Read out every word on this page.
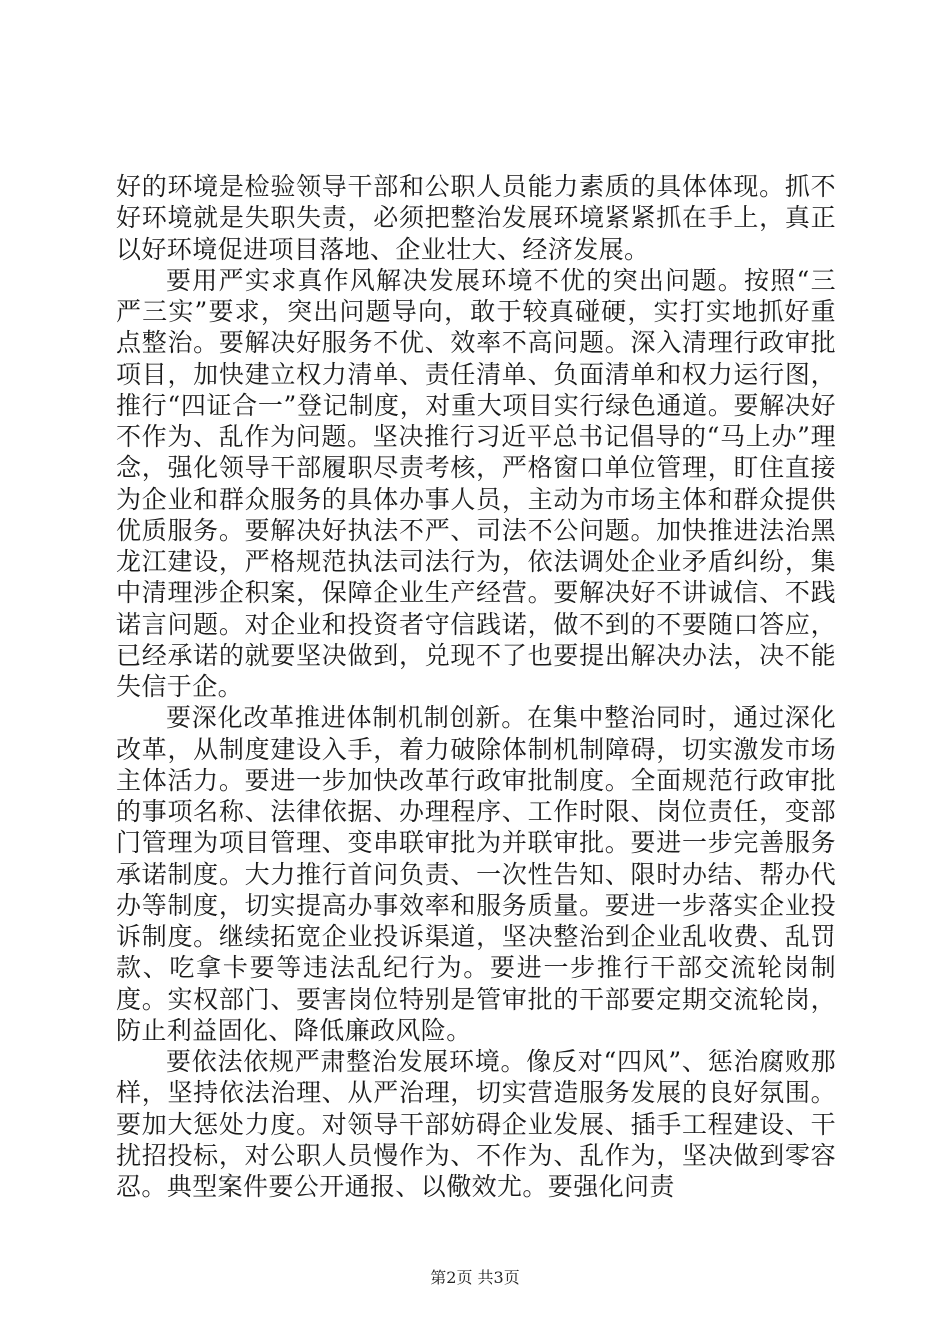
好的环境是检验领导干部和公职人员能力素质的具体体现。抓不好环境就是失职失责，必须把整治发展环境紧紧抓在手上，真正以好环境促进项目落地、企业壮大、经济发展。

要用严实求真作风解决发展环境不优的突出问题。按照“三严三实”要求，突出问题导向，敢于较真碰硬，实打实地抓好重点整治。要解决好服务不优、效率不高问题。深入清理行政审批项目，加快建立权力清单、责任清单、负面清单和权力运行图，推行“四证合一”登记制度，对重大项目实行绿色通道。要解决好不作为、乱作为问题。坚决推行习近平总书记倡导的“马上办”理念，强化领导干部履职尽责考核，严格窗口单位管理，盯住直接为企业和群众服务的具体办事人员，主动为市场主体和群众提供优质服务。要解决好执法不严、司法不公问题。加快推进法治黑龙江建设，严格规范执法司法行为，依法调处企业矛盾纠纷，集中清理涉企积案，保障企业生产经营。要解决好不讲诚信、不践诺言问题。对企业和投资者守信践诺，做不到的不要随口答应，已经承诺的就要坚决做到，兑现不了也要提出解决办法，决不能失信于企。

要深化改革推进体制机制创新。在集中整治同时，通过深化改革，从制度建设入手，着力破除体制机制障碍，切实激发市场主体活力。要进一步加快改革行政审批制度。全面规范行政审批的事项名称、法律依据、办理程序、工作时限、岗位责任，变部门管理为项目管理、变串联审批为并联审批。要进一步完善服务承诺制度。大力推行首问负责、一次性告知、限时办结、帮办代办等制度，切实提高办事效率和服务质量。要进一步落实企业投诉制度。继续拓宽企业投诉渠道，坚决整治到企业乱收费、乱罚款、吃拿卡要等违法乱纪行为。要进一步推行干部交流轮岗制度。实权部门、要害岗位特别是管审批的干部要定期交流轮岗，防止利益固化、降低廉政风险。

要依法依规严肃整治发展环境。像反对“四风”、惩治腐败那样，坚持依法治理、从严治理，切实营造服务发展的良好氛围。要加大惩处力度。对领导干部妨碍企业发展、插手工程建设、干扰招投标，对公职人员慢作为、不作为、乱作为，坚决做到零容忍。典型案件要公开通报、以儆效尤。要强化问责

第2页 共3页
